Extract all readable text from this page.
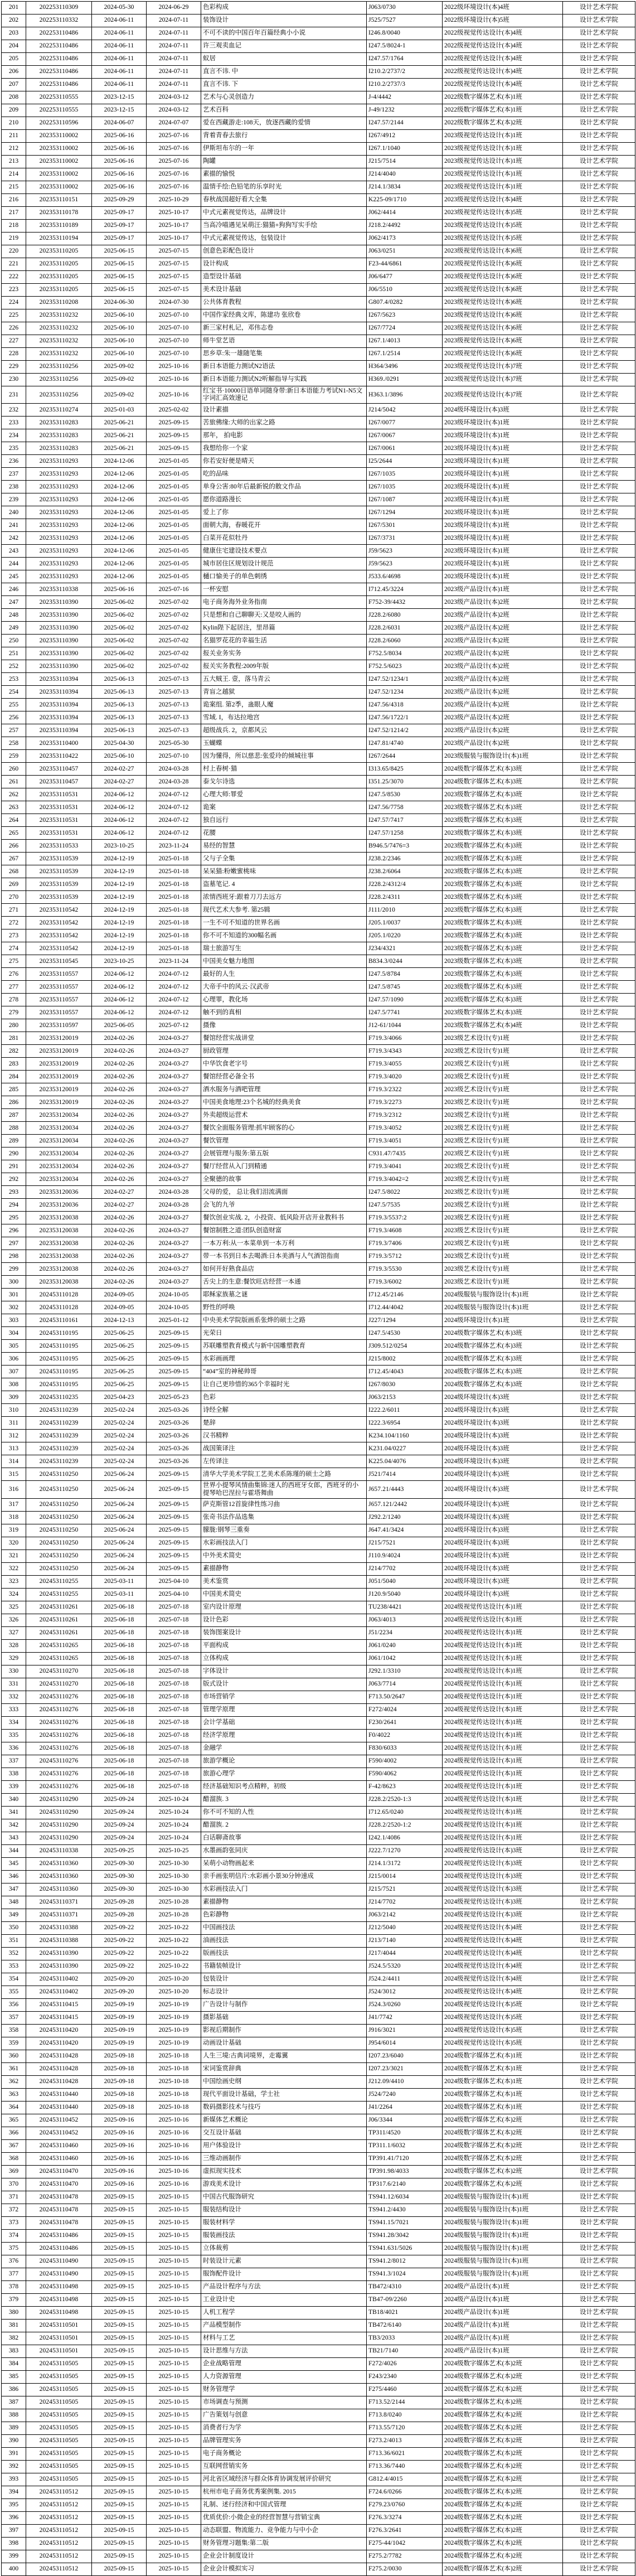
201	202253110309	2024-05-30	2024-06-29	色彩构成	J063/0730	2022级环境设计(本)4班	设计艺术学院
202	202253110332	2024-06-11	2024-07-11	装饰设计	J525/7527	2022级环境设计(本)5班	设计艺术学院
203	202253110486	2024-06-11	2024-07-11	不可不读的中国百年百篇经典小小说	I246.8/0040	2022级视觉传达设计(本)4班	设计艺术学院
204	202253110486	2024-06-11	2024-07-11	许三观卖血记	I247.5/8024-1	2022级视觉传达设计(本)4班	设计艺术学院
205	202253110486	2024-06-11	2024-07-11	蚁居	I247.57/1764	2022级视觉传达设计(本)4班	设计艺术学院
206	202253110486	2024-06-11	2024-07-11	直言不讳. 中	I210.2/2737/2	2022级视觉传达设计(本)4班	设计艺术学院
207	202253110486	2024-06-11	2024-07-11	直言不讳. 下	I210.2/2737/3	2022级视觉传达设计(本)4班	设计艺术学院
208	202253110555	2023-12-15	2024-03-12	艺术与心灵创造力	J-4/4442	2022级数字媒体艺术(本)1班	设计艺术学院
209	202253110555	2023-12-15	2024-03-12	艺术百科	J-49/1232	2022级数字媒体艺术(本)1班	设计艺术学院
210	202253110596	2024-06-07	2024-07-07	爱在西藏游走:108天，放逐西藏的爱情	I247.57/2144	2022级数字媒体艺术(本)2班	设计艺术学院
211	202353110002	2025-06-16	2025-07-16	背着青春去旅行	I267/4912	2023级视觉传达设计(本)1班	设计艺术学院
212	202353110002	2025-06-16	2025-07-16	伊斯坦布尔的一年	I267.1/1040	2023级视觉传达设计(本)1班	设计艺术学院
213	202353110002	2025-06-16	2025-07-16	陶罐	J215/7514	2023级视觉传达设计(本)1班	设计艺术学院
214	202353110002	2025-06-16	2025-07-16	素描的愉悦	J214/4040	2023级视觉传达设计(本)1班	设计艺术学院
215	202353110002	2025-06-16	2025-07-16	温情手绘:色铅笔的乐享时光	J214.1/3834	2023级视觉传达设计(本)1班	设计艺术学院
216	202353110151	2025-09-29	2025-10-29	春秋战国超好看大全集	K225-09/1710	2023级视觉传达设计(本)4班	设计艺术学院
217	202353110178	2025-09-17	2025-10-17	中式元素视觉传达，品牌设计	J062/4414	2023级视觉传达设计(本)5班	设计艺术学院
218	202353110189	2025-09-17	2025-10-17	当高冷喵遇见呆萌汪:猫猫+狗狗写实手绘	J218.2/4492	2023级视觉传达设计(本)5班	设计艺术学院
219	202353110194	2025-09-17	2025-10-17	中式元素视觉传达，包装设计	J062/4173	2023级视觉传达设计(本)5班	设计艺术学院
220	202353110205	2025-06-15	2025-07-15	创意色彩配色设计	J063/0251	2023级视觉传达设计(本)6班	设计艺术学院
221	202353110205	2025-06-15	2025-07-15	设计构成	F23-44/6861	2023级视觉传达设计(本)6班	设计艺术学院
222	202353110205	2025-06-15	2025-07-15	造型设计基础	J06/6477	2023级视觉传达设计(本)6班	设计艺术学院
223	202353110205	2025-06-15	2025-07-15	美术设计基础	J06/5510	2023级视觉传达设计(本)6班	设计艺术学院
224	202353110208	2024-06-30	2024-07-30	公共体育教程	G807.4/0282	2023级视觉传达设计(本)6班	设计艺术学院
225	202353110232	2025-06-10	2025-07-10	中国作家经典文库，陈建功 张欣卷	I267/5623	2023级视觉传达设计(本)6班	设计艺术学院
226	202353110232	2025-06-10	2025-07-10	新三家村札记，邓伟志卷	I267/7724	2023级视觉传达设计(本)6班	设计艺术学院
227	202353110232	2025-06-10	2025-07-10	师牛堂艺语	I267.1/4013	2023级视觉传达设计(本)6班	设计艺术学院
228	202353110232	2025-06-10	2025-07-10	思乡草:朱一雄随笔集	I267.1/2514	2023级视觉传达设计(本)6班	设计艺术学院
229	202353110256	2025-09-02	2025-10-16	新日本语能力测试N2语法	H364/3496	2023级视觉传达设计(本)7班	设计艺术学院
230	202353110256	2025-09-02	2025-10-16	新日本语能力测试N2听解指导与实践	H369./0291	2023级视觉传达设计(本)7班	设计艺术学院
231	202353110256	2025-09-02	2025-10-16	红宝书·10000日语单词随身带:新日本语能力考试N1-N5文字词汇高效速记	H363.1/3896	2023级视觉传达设计(本)7班	设计艺术学院
232	202353110274	2025-01-03	2025-02-02	设计素描	J214/5042	2024级环境设计(本)3班	设计艺术学院
233	202353110283	2025-06-21	2025-09-15	苦旅佛缘:大师的出家之路	I267/0077	2023级环境设计(本)1班	设计艺术学院
234	202353110283	2025-06-21	2025-09-15	那年， 拍电影	I267/0067	2023级环境设计(本)1班	设计艺术学院
235	202353110283	2025-06-21	2025-09-15	我想给你一个家	I267/0061	2023级环境设计(本)1班	设计艺术学院
236	202353110293	2024-12-06	2025-01-05	你若安好便是晴天	I25/2644	2023级环境设计(本)1班	设计艺术学院
237	202353110293	2024-12-06	2025-01-05	吃的品味	I267/1035	2023级环境设计(本)1班	设计艺术学院
238	202353110293	2024-12-06	2025-01-05	单身公害:80年后最新锐的散文作品	I267/1035	2023级环境设计(本)1班	设计艺术学院
239	202353110293	2024-12-06	2025-01-05	愿你道路漫长	I267/1087	2023级环境设计(本)1班	设计艺术学院
240	202353110293	2024-12-06	2025-01-05	爱上了你	I267/1294	2023级环境设计(本)1班	设计艺术学院
241	202353110293	2024-12-06	2025-01-05	面朝大海，春暖花开	I267/5301	2023级环境设计(本)1班	设计艺术学院
242	202353110293	2024-12-06	2025-01-05	白菜开花似牡丹	I267/3731	2023级环境设计(本)1班	设计艺术学院
243	202353110293	2024-12-06	2025-01-05	健康住宅建设技术要点	J59/5623	2023级环境设计(本)1班	设计艺术学院
244	202353110293	2024-12-06	2025-01-05	城市居住区规划设计规范	J59/5623	2023级环境设计(本)1班	设计艺术学院
245	202353110293	2024-12-06	2025-01-05	樋口愉美子的单色刺绣	J533.6/4698	2023级环境设计(本)1班	设计艺术学院
246	202353110338	2025-06-16	2025-07-16	一杯安慰	I712.45/3224	2023级产品设计(本)1班	设计艺术学院
247	202353110390	2025-06-02	2025-07-02	电子商务海外业务指南	F752-39/4432	2023级产品设计(本)2班	设计艺术学院
248	202353110390	2025-06-02	2025-07-02	只是想和自己聊聊天:又是咬人画的	J228.2/6080	2023级产品设计(本)2班	设计艺术学院
249	202353110390	2025-06-02	2025-07-02	Kylin陛下起居注，里昂篇	J228.2/6031	2023级产品设计(本)2班	设计艺术学院
250	202353110390	2025-06-02	2025-07-02	名猫罗花花的幸福生活	J228.2/6060	2023级产品设计(本)2班	设计艺术学院
251	202353110390	2025-06-02	2025-07-02	报关业务实务	F752.5/8034	2023级产品设计(本)2班	设计艺术学院
252	202353110390	2025-06-02	2025-07-02	报关实务教程:2009年版	F752.5/6023	2023级产品设计(本)2班	设计艺术学院
253	202353110394	2025-06-13	2025-07-13	五大贼王. 壹，落马青云	I247.52/1234/1	2023级产品设计(本)2班	设计艺术学院
254	202353110394	2025-06-13	2025-07-13	青盲之越狱	I247.52/1234	2023级产品设计(本)2班	设计艺术学院
255	202353110394	2025-06-13	2025-07-13	诡案组. 第2季，蛊眼人魔	I247.56/4318	2023级产品设计(本)2班	设计艺术学院
256	202353110394	2025-06-13	2025-07-13	雪域. I，布达拉地宫	I247.56/1722/1	2023级产品设计(本)2班	设计艺术学院
257	202353110394	2025-06-13	2025-07-13	超级战兵. 2，京都风云	I247.52/1214/2	2023级产品设计(本)2班	设计艺术学院
258	202353110400	2025-04-30	2025-05-30	玉蝴蝶	I247.81/4740	2023级产品设计(本)2班	设计艺术学院
259	202353110422	2025-06-10	2025-07-10	因为懂得，所以慈悲:张爱玲的倾城往事	I267/2644	2023级服装与服饰设计(本)1班	设计艺术学院
260	202353110457	2024-02-27	2024-03-28	村上春树·猫	I313.65/8425	2024级数字媒体艺术(本)3班	设计艺术学院
261	202353110457	2024-02-27	2024-03-28	泰戈尔诗选	I351.25/3070	2024级数字媒体艺术(本)3班	设计艺术学院
262	202353110531	2024-06-12	2024-07-12	心理大师:罪爱	I247.5/8530	2023级数字媒体艺术(本)3班	设计艺术学院
263	202353110531	2024-06-12	2024-07-12	诡案	I247.56/7758	2023级数字媒体艺术(本)3班	设计艺术学院
264	202353110531	2024-06-12	2024-07-12	独自远行	I247.57/7417	2023级数字媒体艺术(本)3班	设计艺术学院
265	202353110531	2024-06-12	2024-07-12	花腰	I247.57/1258	2023级数字媒体艺术(本)3班	设计艺术学院
266	202353110533	2023-10-25	2023-11-24	易经的智慧	B946.5/7476=3	2023级数字媒体艺术(本)3班	设计艺术学院
267	202353110539	2024-12-19	2025-01-18	父与子全集	J238.2/2346	2023级数字媒体艺术(本)3班	设计艺术学院
268	202353110539	2024-12-19	2025-01-18	呆呆猫:粉嫩蜜桃味	J238.2/6064	2023级数字媒体艺术(本)3班	设计艺术学院
269	202353110539	2024-12-19	2025-01-18	盗墓笔记. 4	J228.2/4312/4	2023级数字媒体艺术(本)3班	设计艺术学院
270	202353110539	2024-12-19	2025-01-18	浓情西班牙:跟着刀刀去远方	J228.2/4311	2023级数字媒体艺术(本)3班	设计艺术学院
271	202353110542	2024-12-19	2025-01-18	现代艺术大参考. 第25辑	J111/2010	2023级数字媒体艺术(本)3班	设计艺术学院
272	202353110542	2024-12-19	2025-01-18	一生不可不知道的世界名画	J205.1/0037	2023级数字媒体艺术(本)3班	设计艺术学院
273	202353110542	2024-12-19	2025-01-18	你不可不知道的300幅名画	J205.1/0220	2023级数字媒体艺术(本)3班	设计艺术学院
274	202353110542	2024-12-19	2025-01-18	瑞士旅游写生	J234/4321	2023级数字媒体艺术(本)3班	设计艺术学院
275	202353110545	2023-10-25	2023-11-24	中国美女魅力地图	B834.3/0244	2023级数字媒体艺术(本)3班	设计艺术学院
276	202353110557	2024-06-12	2024-07-12	最好的人生	I247.5/8784	2023级数字媒体艺术(本)3班	设计艺术学院
277	202353110557	2024-06-12	2024-07-12	大帝手中的风云·汉武帝	I247.5/8745	2023级数字媒体艺术(本)3班	设计艺术学院
278	202353110557	2024-06-12	2024-07-12	心理罪，教化场	I247.57/1090	2023级数字媒体艺术(本)3班	设计艺术学院
279	202353110557	2024-06-12	2024-07-12	触不到的真相	I247.5/7741	2023级数字媒体艺术(本)3班	设计艺术学院
280	202353110597	2025-06-05	2025-07-12	摄像	J12-61/1044	2023级数字媒体艺术(本)4班	设计艺术学院
281	202353120019	2024-02-26	2024-03-27	餐馆经营实战讲堂	F719.3/4066	2023级艺术设计(专)1班	设计艺术学院
282	202353120019	2024-02-26	2024-03-27	厨政管理	F719.3/4343	2023级艺术设计(专)1班	设计艺术学院
283	202353120019	2024-02-26	2024-03-27	中华饮食老字号	F719.3/4055	2023级艺术设计(专)1班	设计艺术学院
284	202353120019	2024-02-26	2024-03-27	餐馆经营必备全书	F719.3/4020	2023级艺术设计(专)1班	设计艺术学院
285	202353120019	2024-02-26	2024-03-27	酒水服务与酒吧管理	F719.3/2322	2023级艺术设计(专)1班	设计艺术学院
286	202353120019	2024-02-26	2024-03-27	中国美食地理:23个名城的经典美食	F719.3/2273	2023级艺术设计(专)1班	设计艺术学院
287	202353120034	2024-02-26	2024-03-27	外卖超级运营术	F719.3/2312	2023级艺术设计(专)1班	设计艺术学院
288	202353120034	2024-02-26	2024-03-27	餐饮全面服务管理:抓牢顾客的心	F719.3/4052	2023级艺术设计(专)1班	设计艺术学院
289	202353120034	2024-02-26	2024-03-27	餐饮管理	F719.3/4051	2023级艺术设计(专)1班	设计艺术学院
290	202353120034	2024-02-26	2024-03-27	会展管理与服务:第五版	C931.47/7435	2023级艺术设计(专)1班	设计艺术学院
291	202353120034	2024-02-26	2024-03-27	餐厅经营从入门到精通	F719.3/4041	2023级艺术设计(专)1班	设计艺术学院
292	202353120034	2024-02-26	2024-03-27	全聚德的故事	F719.3/4042=2	2023级艺术设计(专)1班	设计艺术学院
293	202353120036	2024-02-27	2024-03-28	父母的爱， 总让我们泪流满面	I247.5/8022	2023级艺术设计(专)1班	设计艺术学院
294	202353120036	2024-02-27	2024-03-28	会飞的九爷	I247.5/7535	2023级艺术设计(专)1班	设计艺术学院
295	202353120038	2024-02-26	2024-03-27	餐饮创业实战. 2，小投资、低风险开店开业教科书	F719.3/5537:2	2023级艺术设计(专)1班	设计艺术学院
296	202353120038	2024-02-26	2024-03-27	餐馆制胜之道:团队创造财富	F719.3/4608	2023级艺术设计(专)1班	设计艺术学院
297	202353120038	2024-02-26	2024-03-27	一本万利:从一本菜单到一本万利	F719.3/7406	2023级艺术设计(专)1班	设计艺术学院
298	202353120038	2024-02-26	2024-03-27	带一本书到日本去喝酒:日本美酒与人气酒馆指南	F719.3/5712	2023级艺术设计(专)1班	设计艺术学院
299	202353120038	2024-02-26	2024-03-27	如何开好熟食品店	F719.3/5530	2023级艺术设计(专)1班	设计艺术学院
300	202353120038	2024-02-26	2024-03-27	舌尖上的生意:餐饮旺店经营一本通	F719.3/6002	2023级艺术设计(专)1班	设计艺术学院
301	202453110128	2024-09-05	2024-10-05	耶稣家族墓之谜	I712.45/2146	2024级服装与服饰设计(本)1班	设计艺术学院
302	202453110128	2024-09-05	2024-10-05	野性的呼唤	I712.44/4042	2024级服装与服饰设计(本)1班	设计艺术学院
303	202453110161	2024-12-13	2025-01-12	中央美术学院版画系张烨的硕士之路	J227/1294	2024级环境设计(本)1班	设计艺术学院
304	202453110195	2025-06-25	2025-09-15	光荣日	I247.5/4530	2024级数字媒体艺术(本)3班	设计艺术学院
305	202453110195	2025-06-25	2025-09-15	苏联雕塑教育模式与新中国雕塑教育	J309.512/0254	2024级数字媒体艺术(本)3班	设计艺术学院
306	202453110195	2025-06-25	2025-09-15	水彩画画理	J215/8002	2024级数字媒体艺术(本)3班	设计艺术学院
307	202453110195	2025-06-25	2025-09-15	“404”室的神秘帅哥	I712.45/4043	2024级数字媒体艺术(本)3班	设计艺术学院
308	202453110195	2025-06-25	2025-09-15	让自己更珍惜的365个幸福时光	I267/8030	2024级数字媒体艺术(本)3班	设计艺术学院
309	202453110235	2025-04-23	2025-05-23	色彩	J063/2153	2024级环境设计(本)3班	设计艺术学院
310	202453110239	2025-02-24	2025-03-26	诗经全解	I222.2/6011	2024级环境设计(本)3班	设计艺术学院
311	202453110239	2025-02-24	2025-03-26	楚辞	I222.3/6954	2024级环境设计(本)3班	设计艺术学院
312	202453110239	2025-02-24	2025-03-26	汉书精粹	K234.104/1160	2024级环境设计(本)3班	设计艺术学院
313	202453110239	2025-02-24	2025-03-26	战国策译注	K231.04/0227	2024级环境设计(本)3班	设计艺术学院
314	202453110239	2025-02-24	2025-03-26	左传译注	K225.04/4076	2024级环境设计(本)3班	设计艺术学院
315	202453110250	2025-06-24	2025-09-15	清华大学美术学院工艺美术系陈瑾的硕士之路	J521/7414	2024级环境设计(本)3班	设计艺术学院
316	202453110250	2025-06-24	2025-09-15	世界小提琴风情曲集锦:迷人的西班牙女郎，西班牙的小提琴哈巴涅拉与霍塔舞曲	J657.21/4443	2024级环境设计(本)3班	设计艺术学院
317	202453110250	2025-06-24	2025-09-15	萨克斯管12首旋律性练习曲	J657.121/2442	2024级环境设计(本)3班	设计艺术学院
318	202453110250	2025-06-24	2025-09-15	张奇书法作品选集	J292.2/1240	2024级环境设计(本)3班	设计艺术学院
319	202453110250	2025-06-24	2025-09-15	朦胧:钢琴三重奏	J647.41/3424	2024级环境设计(本)3班	设计艺术学院
320	202453110250	2025-06-24	2025-09-15	水彩画技法入门	J215/7521	2024级环境设计(本)3班	设计艺术学院
321	202453110250	2025-06-24	2025-09-15	中外美术简史	J110.9/4024	2024级环境设计(本)3班	设计艺术学院
322	202453110250	2025-06-24	2025-09-15	素描静物	J214/7702	2024级环境设计(本)3班	设计艺术学院
323	202453110255	2025-03-11	2025-04-10	美术鉴赏	J051/5040	2024级环境设计(本)3班	设计艺术学院
324	202453110255	2025-03-11	2025-04-10	中国美术简史	J120.9/5040	2024级环境设计(本)3班	设计艺术学院
325	202453110261	2025-06-18	2025-07-18	室内设计原理	TU238/4421	2024级视觉传达设计(本)1班	设计艺术学院
326	202453110261	2025-06-18	2025-07-18	设计色彩	J063/4013	2024级视觉传达设计(本)1班	设计艺术学院
327	202453110261	2025-06-18	2025-07-18	装饰图案设计	J51/2234	2024级视觉传达设计(本)1班	设计艺术学院
328	202453110265	2025-06-18	2025-07-18	平面构成	J061/0240	2024级视觉传达设计(本)1班	设计艺术学院
329	202453110265	2025-06-18	2025-07-18	立体构成	J061/1042	2024级视觉传达设计(本)1班	设计艺术学院
330	202453110270	2025-06-18	2025-07-18	字体设计	J292.1/3310	2024级视觉传达设计(本)1班	设计艺术学院
331	202453110270	2025-06-18	2025-07-18	版式设计	J063/7714	2024级视觉传达设计(本)1班	设计艺术学院
332	202453110276	2025-06-18	2025-07-18	市场营销学	F713.50/2647	2024级视觉传达设计(本)1班	设计艺术学院
333	202453110276	2025-06-18	2025-07-18	管理学原理	F272/4024	2024级视觉传达设计(本)1班	设计艺术学院
334	202453110276	2025-06-18	2025-07-18	会计学基础	F230/2641	2024级视觉传达设计(本)1班	设计艺术学院
335	202453110276	2025-06-18	2025-07-18	经济学原理	F0/4022	2024级视觉传达设计(本)1班	设计艺术学院
336	202453110276	2025-06-18	2025-07-18	金融学	F830/6033	2024级视觉传达设计(本)1班	设计艺术学院
337	202453110276	2025-06-18	2025-07-18	旅游学概论	F590/4002	2024级视觉传达设计(本)1班	设计艺术学院
338	202453110276	2025-06-18	2025-07-18	旅游心理学	F590/4062	2024级视觉传达设计(本)1班	设计艺术学院
339	202453110276	2025-06-18	2025-07-18	经济基础知识考点精粹，初级	F-42/8623	2024级视觉传达设计(本)1班	设计艺术学院
340	202453110290	2025-09-24	2025-10-24	醋溜族. 3	J228.2/2520-1:3	2024级视觉传达设计(本)1班	设计艺术学院
341	202453110290	2025-09-24	2025-10-24	你不可不知的人性	I712.65/0240	2024级视觉传达设计(本)1班	设计艺术学院
342	202453110290	2025-09-24	2025-10-24	醋溜族. 2	J228.2/2520-1:2	2024级视觉传达设计(本)1班	设计艺术学院
343	202453110290	2025-09-24	2025-10-24	白话聊斋故事	I242.1/4086	2024级视觉传达设计(本)1班	设计艺术学院
344	202453110338	2025-09-25	2025-10-25	水墨画韵张同庆	J222.7/1270	2024级视觉传达设计(本)3班	设计艺术学院
345	202453110360	2025-09-30	2025-10-30	呆萌小动物画起来	J214.1/3172	2024级视觉传达设计(本)3班	设计艺术学院
346	202453110360	2025-09-30	2025-10-30	亲手画张明信片:水彩画小景30分钟速成	J215/0014	2024级视觉传达设计(本)3班	设计艺术学院
347	202453110360	2025-09-30	2025-10-30	水彩画技法入门	J215/7521	2024级视觉传达设计(本)3班	设计艺术学院
348	202453110371	2025-09-28	2025-10-28	素描静物	J214/7702	2024级视觉传达设计(本)3班	设计艺术学院
349	202453110371	2025-09-28	2025-10-28	色彩静物	J063/2142	2024级视觉传达设计(本)3班	设计艺术学院
350	202453110388	2025-09-22	2025-10-22	中国画技法	J212/5040	2024级视觉传达设计(本)4班	设计艺术学院
351	202453110388	2025-09-22	2025-10-22	油画技法	J213/7140	2024级视觉传达设计(本)4班	设计艺术学院
352	202453110390	2025-09-22	2025-10-22	版画技法	J217/4044	2024级视觉传达设计(本)4班	设计艺术学院
353	202453110390	2025-09-22	2025-10-22	书籍装帧设计	J524.5/5320	2024级视觉传达设计(本)4班	设计艺术学院
354	202453110402	2025-09-20	2025-10-20	包装设计	J524.2/4411	2024级视觉传达设计(本)4班	设计艺术学院
355	202453110402	2025-09-20	2025-10-20	标志设计	J524/3012	2024级视觉传达设计(本)4班	设计艺术学院
356	202453110415	2025-09-19	2025-10-19	广告设计与制作	J524.3/0260	2024级视觉传达设计(本)5班	设计艺术学院
357	202453110415	2025-09-19	2025-10-19	摄影基础	J41/7742	2024级视觉传达设计(本)5班	设计艺术学院
358	202453110420	2025-09-19	2025-10-19	影视后期制作	J916/3021	2024级视觉传达设计(本)5班	设计艺术学院
359	202453110420	2025-09-19	2025-10-19	动画设计基础	J954/6014	2024级视觉传达设计(本)5班	设计艺术学院
360	202453110428	2025-09-18	2025-10-18	人生三境:古典词境界，走霉翼	I207.23/6040	2024级数字媒体艺术(本)1班	设计艺术学院
361	202453110428	2025-09-18	2025-10-18	宋词鉴赏辞典	I207.23/3021	2024级数字媒体艺术(本)1班	设计艺术学院
362	202453110428	2025-09-18	2025-10-18	中国绘画史纲	J212.09/4410	2024级数字媒体艺术(本)1班	设计艺术学院
363	202453110440	2025-09-18	2025-10-18	现代平面设计基础，学士社	J524/7240	2024级数字媒体艺术(本)1班	设计艺术学院
364	202453110440	2025-09-18	2025-10-18	数码摄影技术与技巧	J41/2264	2024级数字媒体艺术(本)1班	设计艺术学院
365	202453110452	2025-09-16	2025-10-16	新媒体艺术概论	J06/3344	2024级数字媒体艺术(本)2班	设计艺术学院
366	202453110452	2025-09-16	2025-10-16	交互设计基础	TP311/4520	2024级数字媒体艺术(本)2班	设计艺术学院
367	202453110460	2025-09-16	2025-10-16	用户体验设计	TP311.1/6032	2024级数字媒体艺术(本)2班	设计艺术学院
368	202453110460	2025-09-16	2025-10-16	三维动画制作	TP391.41/7120	2024级数字媒体艺术(本)2班	设计艺术学院
369	202453110470	2025-09-16	2025-10-16	虚拟现实技术	TP391.98/4033	2024级数字媒体艺术(本)2班	设计艺术学院
370	202453110470	2025-09-16	2025-10-16	游戏美术设计	TP317.6/2140	2024级数字媒体艺术(本)2班	设计艺术学院
371	202453110478	2025-09-15	2025-10-15	中国古代服饰研究	TS941.12/6034	2024级服装与服饰设计(本)1班	设计艺术学院
372	202453110478	2025-09-15	2025-10-15	服装结构设计	TS941.2/4430	2024级服装与服饰设计(本)1班	设计艺术学院
373	202453110478	2025-09-15	2025-10-15	服装材料学	TS941.15/7021	2024级服装与服饰设计(本)1班	设计艺术学院
374	202453110486	2025-09-15	2025-10-15	服装画技法	TS941.28/3042	2024级服装与服饰设计(本)1班	设计艺术学院
375	202453110486	2025-09-15	2025-10-15	立体裁剪	TS941.631/5026	2024级服装与服饰设计(本)1班	设计艺术学院
376	202453110490	2025-09-15	2025-10-15	时装设计元素	TS941.2/8012	2024级服装与服饰设计(本)1班	设计艺术学院
377	202453110490	2025-09-15	2025-10-15	服饰配件设计	TS941.3/1024	2024级服装与服饰设计(本)1班	设计艺术学院
378	202453110498	2025-09-15	2025-10-15	产品设计程序与方法	TB472/4310	2024级产品设计(本)1班	设计艺术学院
379	202453110498	2025-09-15	2025-10-15	工业设计史	TB47-09/2260	2024级产品设计(本)1班	设计艺术学院
380	202453110498	2025-09-15	2025-10-15	人机工程学	TB18/4021	2024级产品设计(本)1班	设计艺术学院
381	202453110501	2025-09-15	2025-10-15	产品模型制作	TB472/6140	2024级产品设计(本)1班	设计艺术学院
382	202453110501	2025-09-15	2025-10-15	材料与工艺	TB3/2033	2024级产品设计(本)1班	设计艺术学院
383	202453110501	2025-09-15	2025-10-15	设计思维与方法	TB21/7140	2024级产品设计(本)1班	设计艺术学院
384	202453110505	2025-09-15	2025-10-15	企业战略管理	F272/4026	2024级数字媒体艺术(本)2班	设计艺术学院
385	202453110505	2025-09-15	2025-10-15	人力资源管理	F243/2340	2024级数字媒体艺术(本)2班	设计艺术学院
386	202453110505	2025-09-15	2025-10-15	财务管理学	F275/4460	2024级数字媒体艺术(本)2班	设计艺术学院
387	202453110505	2025-09-15	2025-10-15	市场调查与预测	F713.52/2144	2024级数字媒体艺术(本)2班	设计艺术学院
388	202453110505	2025-09-15	2025-10-15	广告策划与创意	F713.8/0240	2024级数字媒体艺术(本)2班	设计艺术学院
389	202453110505	2025-09-15	2025-10-15	消费者行为学	F713.55/7120	2024级数字媒体艺术(本)2班	设计艺术学院
390	202453110505	2025-09-15	2025-10-15	品牌管理实务	F273.2/4013	2024级数字媒体艺术(本)2班	设计艺术学院
391	202453110505	2025-09-15	2025-10-15	电子商务概论	F713.36/6021	2024级数字媒体艺术(本)2班	设计艺术学院
392	202453110505	2025-09-15	2025-10-15	互联网营销实务	F713.36/7440	2024级数字媒体艺术(本)2班	设计艺术学院
393	202453110505	2025-09-15	2025-10-15	河北省区域经济与群众体育协调发展评价研究	G812.4/4015	2024级数字媒体艺术(本)2班	设计艺术学院
394	202453110512	2025-09-15	2025-10-15	杭州市电子商务优秀案例集. 2015	F724.6/0266	2024级数字媒体艺术(本)2班	设计艺术学院
395	202453110512	2025-09-15	2025-10-15	礼制、述行经济和中国式管理	F279.23/0760	2024级数字媒体艺术(本)2班	设计艺术学院
396	202453110512	2025-09-15	2025-10-15	优质优价:小微企业的经营智慧与营销宝典	F276.3/3274	2024级数字媒体艺术(本)2班	设计艺术学院
397	202453110512	2025-09-15	2025-10-15	动态联盟、物流能力、竞争能力与中小企	F276.3/2641	2024级数字媒体艺术(本)2班	设计艺术学院
398	202453110512	2025-09-15	2025-10-15	财务管理习题集:第二版	F275-44/1042	2024级数字媒体艺术(本)2班	设计艺术学院
399	202453110512	2025-09-15	2025-10-15	企业会计制度设计	F275.2/7782	2024级数字媒体艺术(本)2班	设计艺术学院
400	202453110512	2025-09-15	2025-10-15	企业会计模拟实习	F275.2/0030	2024级数字媒体艺术(本)2班	设计艺术学院
